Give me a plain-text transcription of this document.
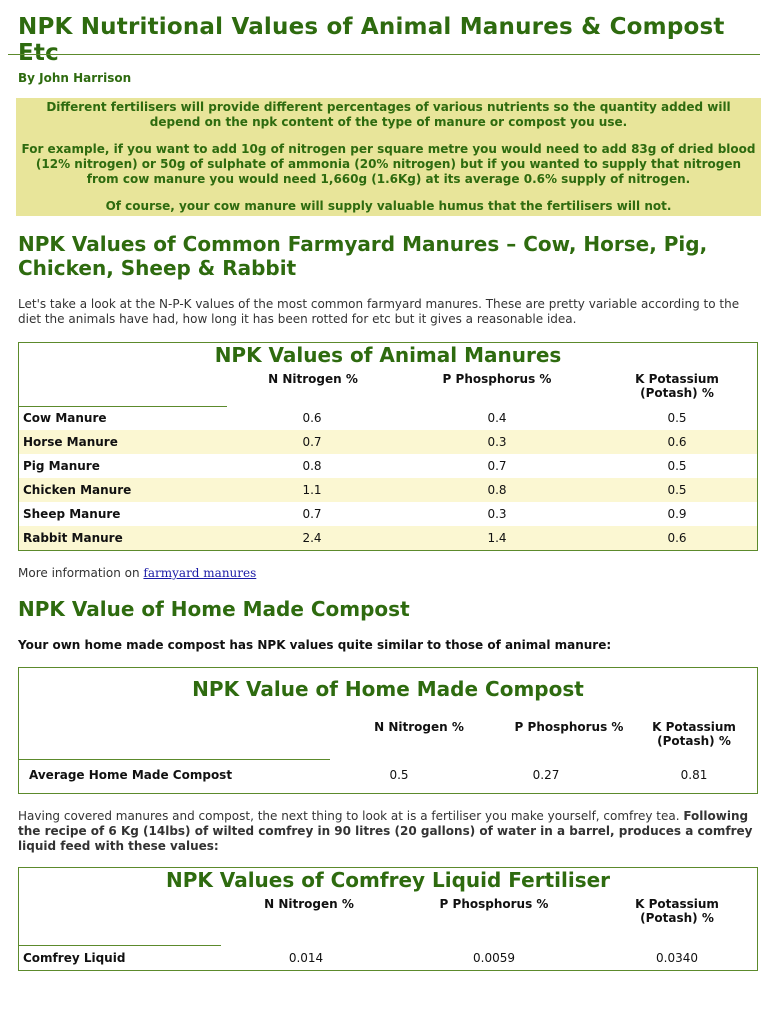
NPK Nutritional Values of Animal Manures & Compost Etc
By John Harrison

Different fertilisers will provide different percentages of various nutrients so the quantity added will depend on the npk content of the type of manure or compost you use.

For example, if you want to add 10g of nitrogen per square metre you would need to add 83g of dried blood (12% nitrogen) or 50g of sulphate of ammonia (20% nitrogen) but if you wanted to supply that nitrogen from cow manure you would need 1,660g (1.6Kg) at its average 0.6% supply of nitrogen.

Of course, your cow manure will supply valuable humus that the fertilisers will not.

NPK Values of Common Farmyard Manures – Cow, Horse, Pig, Chicken, Sheep & Rabbit
Let's take a look at the N-P-K values of the most common farmyard manures. These are pretty variable according to the diet the animals have had, how long it has been rotted for etc but it gives a reasonable idea.
NPK Values of Animal Manures
N Nitrogen %	P Phosphorus %	K Potassium (Potash) %
Cow Manure	0.6	0.4	0.5
Horse Manure	0.7	0.3	0.6
Pig Manure	0.8	0.7	0.5
Chicken Manure	1.1	0.8	0.5
Sheep Manure	0.7	0.3	0.9
Rabbit Manure	2.4	1.4	0.6
More information on farmyard manures
NPK Value of Home Made Compost
Your own home made compost has NPK values quite similar to those of animal manure:
NPK Value of Home Made Compost
N Nitrogen %	P Phosphorus %	K Potassium (Potash) %
Average Home Made Compost	0.5	0.27	0.81
Having covered manures and compost, the next thing to look at is a fertiliser you make yourself, comfrey tea. Following the recipe of 6 Kg (14lbs) of wilted comfrey in 90 litres (20 gallons) of water in a barrel, produces a comfrey liquid feed with these values:
NPK Values of Comfrey Liquid Fertiliser
N Nitrogen %	P Phosphorus %	K Potassium (Potash) %
Comfrey Liquid	0.014	0.0059	0.0340
